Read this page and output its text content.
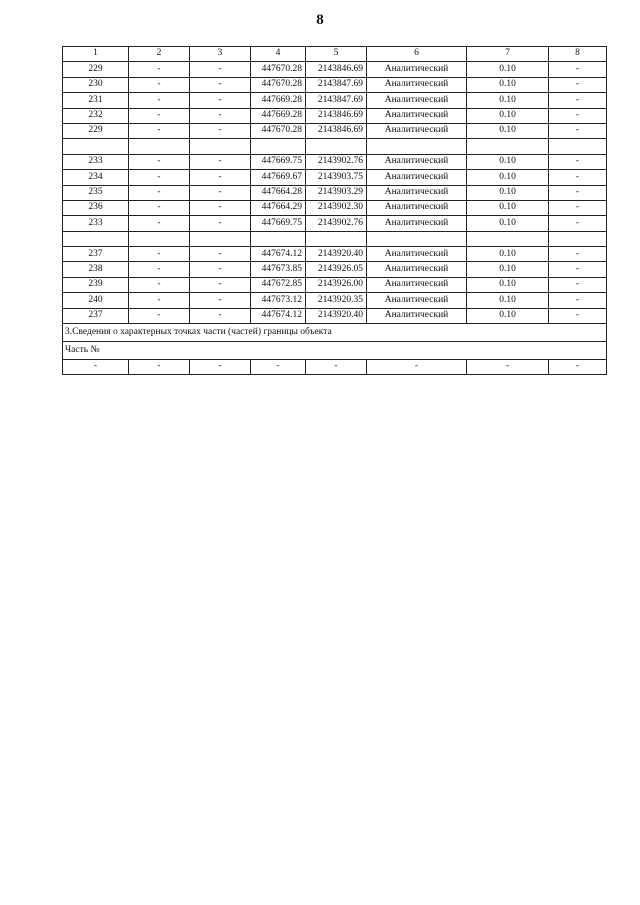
8
1	2	3	4	5	6	7	8
229	-	-	447670.28	2143846.69	Аналитический	0.10	-
230	-	-	447670.28	2143847.69	Аналитический	0.10	-
231	-	-	447669.28	2143847.69	Аналитический	0.10	-
232	-	-	447669.28	2143846.69	Аналитический	0.10	-
229	-	-	447670.28	2143846.69	Аналитический	0.10	-

233	-	-	447669.75	2143902.76	Аналитический	0.10	-
234	-	-	447669.67	2143903.75	Аналитический	0.10	-
235	-	-	447664.28	2143903.29	Аналитический	0.10	-
236	-	-	447664.29	2143902.30	Аналитический	0.10	-
233	-	-	447669.75	2143902.76	Аналитический	0.10	-

237	-	-	447674.12	2143920.40	Аналитический	0.10	-
238	-	-	447673.85	2143926.05	Аналитический	0.10	-
239	-	-	447672.85	2143926.00	Аналитический	0.10	-
240	-	-	447673.12	2143920.35	Аналитический	0.10	-
237	-	-	447674.12	2143920.40	Аналитический	0.10	-
3.Сведения о характерных точках части (частей) границы объекта							
Часть №							
-	-	-	-	-	-	-	-
